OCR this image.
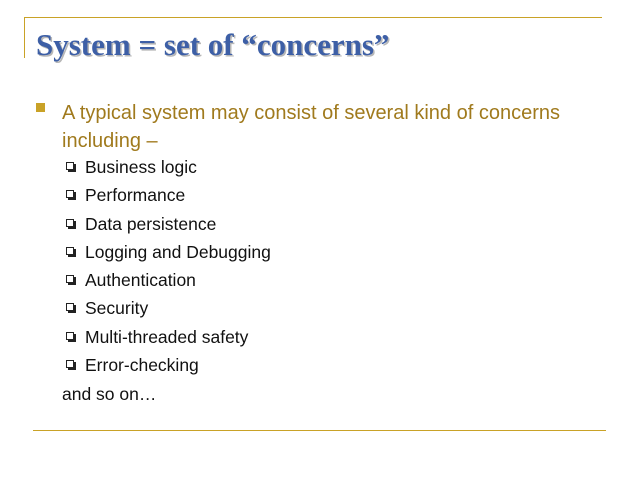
System = set of “concerns”
A typical system may consist of several kind of concerns including –
Business logic
Performance
Data persistence
Logging and Debugging
Authentication
Security
Multi-threaded safety
Error-checking
and so on…
